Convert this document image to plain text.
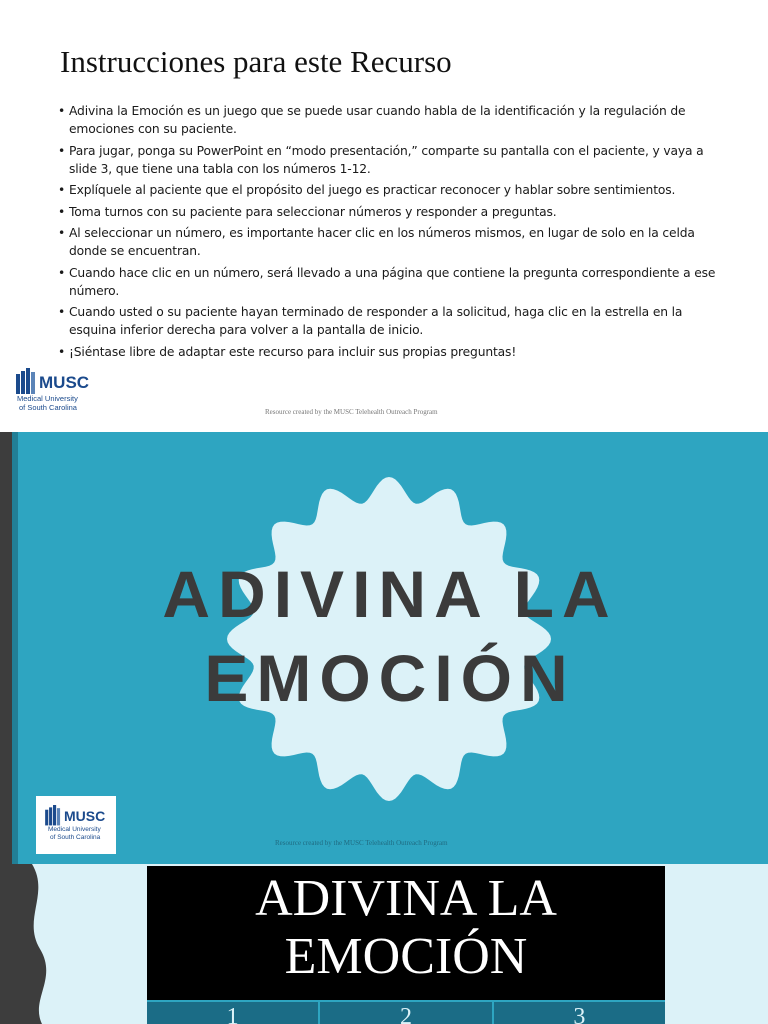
Instrucciones para este Recurso
• Adivina la Emoción es un juego que se puede usar cuando habla de la identificación y la regulación de emociones con su paciente.
• Para jugar, ponga su PowerPoint en “modo presentación,” comparte su pantalla con el paciente, y vaya a slide 3, que tiene una tabla con los números 1-12.
• Explíquele al paciente que el propósito del juego es practicar reconocer y hablar sobre sentimientos.
• Toma turnos con su paciente para seleccionar números y responder a preguntas.
• Al seleccionar un número, es importante hacer clic en los números mismos, en lugar de solo en la celda donde se encuentran.
• Cuando hace clic en un número, será llevado a una página que contiene la pregunta correspondiente a ese número.
• Cuando usted o su paciente hayan terminado de responder a la solicitud, haga clic en la estrella en la esquina inferior derecha para volver a la pantalla de inicio.
• ¡Siéntase libre de adaptar este recurso para incluir sus propias preguntas!
MUSC
Medical University
of South Carolina	Resource created by the MUSC Telehealth Outreach Program
ADIVINA LA
EMOCIÓN
MUSC
Medical University
of South Carolina
Resource created by the MUSC Telehealth Outreach Program
ADIVINA LA
EMOCIÓN
1	2	3
